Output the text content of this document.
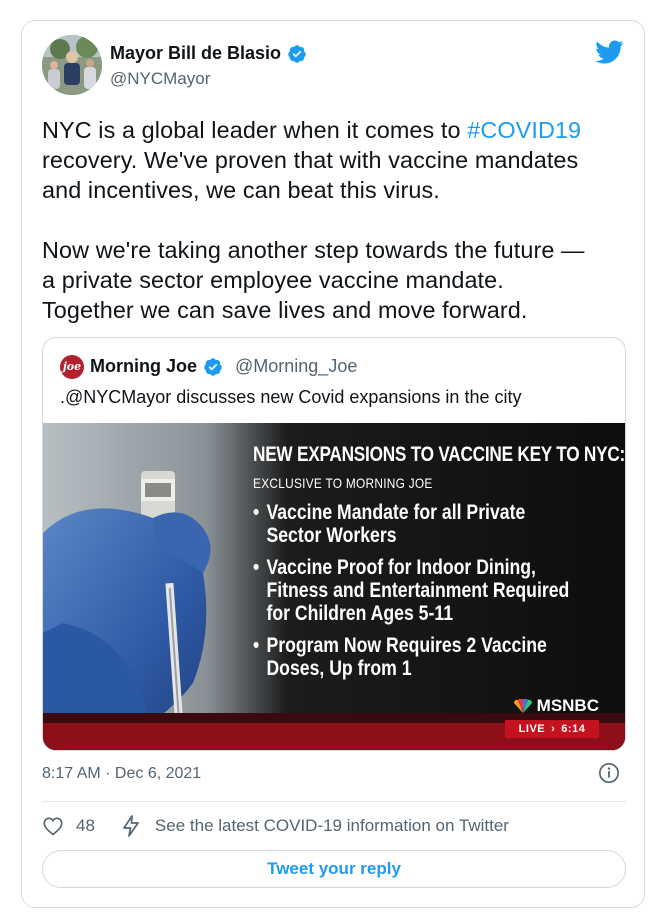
Mayor Bill de Blasio
@NYCMayor

NYC is a global leader when it comes to #COVID19

recovery. We've proven that with vaccine mandates

and incentives, we can beat this virus.

Now we're taking another step towards the future —

a private sector employee vaccine mandate.

Together we can save lives and move forward.

joe Morning Joe @Morning_Joe
.@NYCMayor discusses new Covid expansions in the city
NEW EXPANSIONS TO VACCINE KEY TO NYC:
EXCLUSIVE TO MORNING JOE
• Vaccine Mandate for all Private
Sector Workers
• Vaccine Proof for Indoor Dining,
Fitness and Entertainment Required
for Children Ages 5-11
• Program Now Requires 2 Vaccine
Doses, Up from 1
MSNBC
LIVE › 6:14
8:17 AM · Dec 6, 2021
48	See the latest COVID-19 information on Twitter
Tweet your reply
